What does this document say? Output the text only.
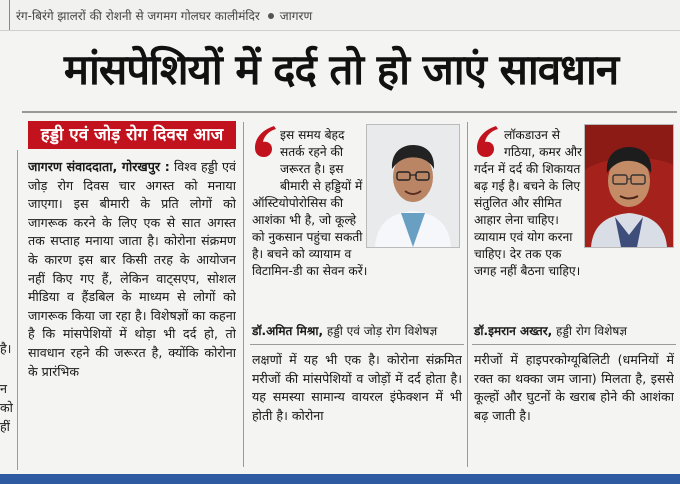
रंग-बिरंगे झालरों की रोशनी से जगमग गोलघर कालीमंदिर जागरण
मांसपेशियों में दर्द तो हो जाएं सावधान
हड्डी एवं जोड़ रोग दिवस आज
है।
न
को
हीं
जागरण संवाददाता, गोरखपुर : विश्व हड्डी एवं जोड़ रोग दिवस चार अगस्त को मनाया जाएगा। इस बीमारी के प्रति लोगों को जागरूक करने के लिए एक से सात अगस्त तक सप्ताह मनाया जाता है। कोरोना संक्रमण के कारण इस बार किसी तरह के आयोजन नहीं किए गए हैं, लेकिन वाट्सएप, सोशल मीडिया व हैंडबिल के माध्यम से लोगों को जागरूक किया जा रहा है। विशेषज्ञों का कहना है कि मांसपेशियों में थोड़ा भी दर्द हो, तो सावधान रहने की जरूरत है, क्योंकि कोरोना के प्रारंभिक
इस समय बेहद सतर्क रहने की जरूरत है। इस बीमारी से हड्डियों में ऑस्टियोपोरोसिस की आशंका भी है, जो कूल्हे को नुकसान पहुंचा सकती है। बचने को व्यायाम व विटामिन-डी का सेवन करें।
डॉ.अमित मिश्रा, हड्डी एवं जोड़ रोग विशेषज्ञ
लक्षणों में यह भी एक है। कोरोना संक्रमित मरीजों की मांसपेशियों व जोड़ों में दर्द होता है। यह समस्या सामान्य वायरल इंफेक्शन में भी होती है। कोरोना
लॉकडाउन से गठिया, कमर और गर्दन में दर्द की शिकायत बढ़ गई है। बचने के लिए संतुलित और सीमित आहार लेना चाहिए। व्यायाम एवं योग करना चाहिए। देर तक एक जगह नहीं बैठना चाहिए।
डॉ.इमरान अख्तर, हड्डी रोग विशेषज्ञ
मरीजों में हाइपरकोग्यूबिलिटी (धमनियों में रक्त का थक्का जम जाना) मिलता है, इससे कूल्हों और घुटनों के खराब होने की आशंका बढ़ जाती है।
